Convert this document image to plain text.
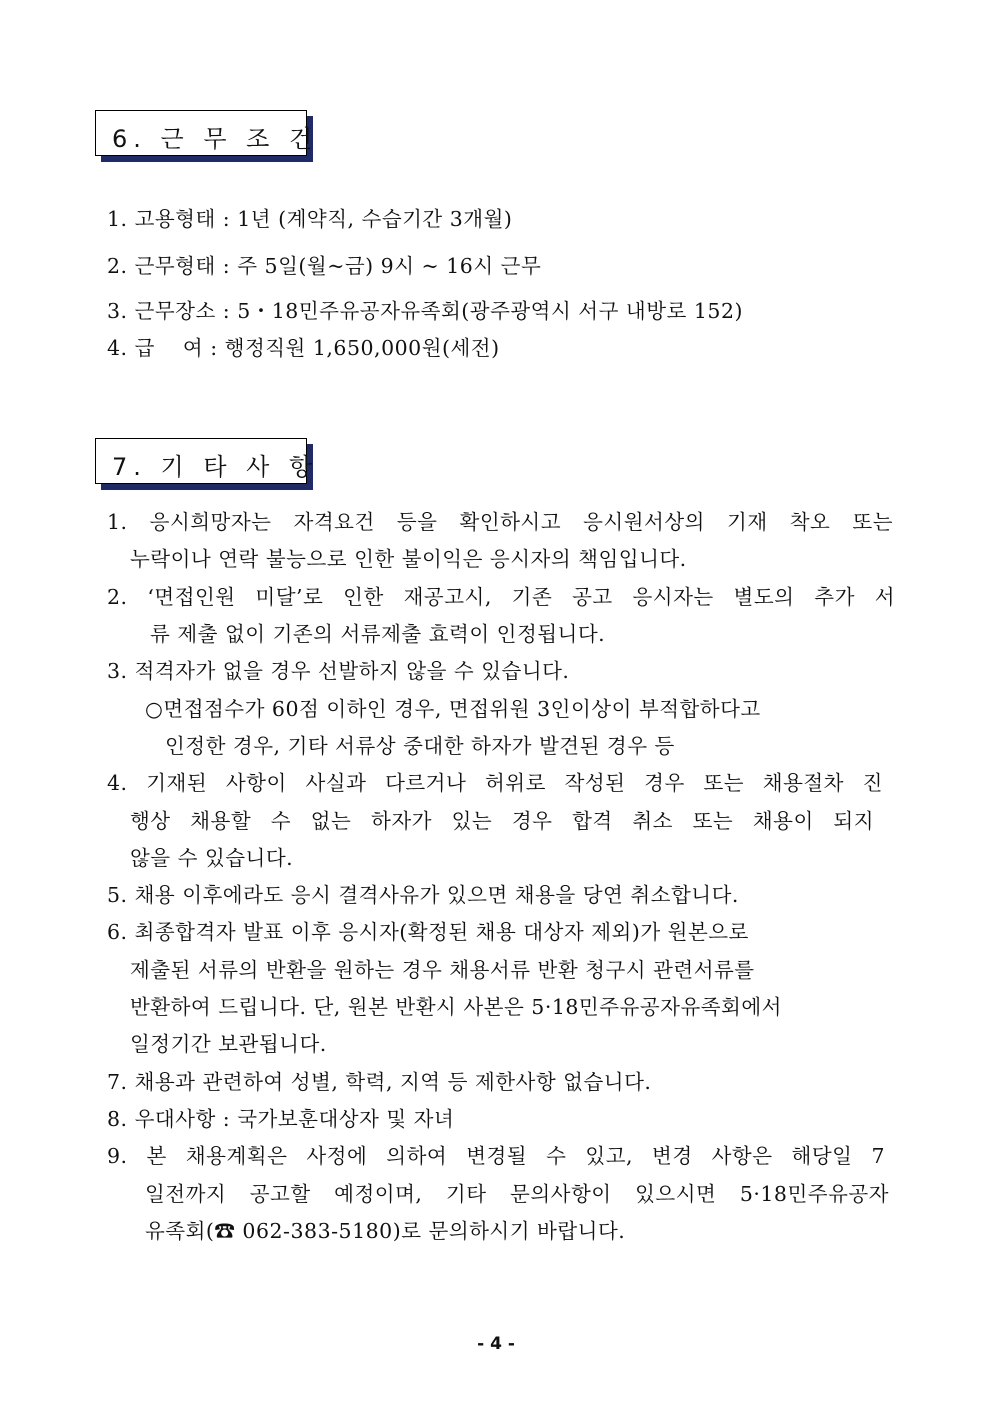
6. 근 무 조 건
1. 고용형태 : 1년 (계약직, 수습기간 3개월)
2. 근무형태 : 주 5일(월~금) 9시 ~ 16시 근무
3. 근무장소 : 5・18민주유공자유족회(광주광역시 서구 내방로 152)
4. 급 　여 : 행정직원 1,650,000원(세전)
7. 기 타 사 항
1. 응시희망자는 자격요건 등을 확인하시고 응시원서상의 기재 착오 또는
누락이나 연락 불능으로 인한 불이익은 응시자의 책임입니다.
2. ‘면접인원 미달’로 인한 재공고시, 기존 공고 응시자는 별도의 추가 서
류 제출 없이 기존의 서류제출 효력이 인정됩니다.
3. 적격자가 없을 경우 선발하지 않을 수 있습니다.
○면접점수가 60점 이하인 경우, 면접위원 3인이상이 부적합하다고
인정한 경우, 기타 서류상 중대한 하자가 발견된 경우 등
4. 기재된 사항이 사실과 다르거나 허위로 작성된 경우 또는 채용절차 진
행상 채용할 수 없는 하자가 있는 경우 합격 취소 또는 채용이 되지
않을 수 있습니다.
5. 채용 이후에라도 응시 결격사유가 있으면 채용을 당연 취소합니다.
6. 최종합격자 발표 이후 응시자(확정된 채용 대상자 제외)가 원본으로
제출된 서류의 반환을 원하는 경우 채용서류 반환 청구시 관련서류를
반환하여 드립니다. 단, 원본 반환시 사본은 5·18민주유공자유족회에서
일정기간 보관됩니다.
7. 채용과 관련하여 성별, 학력, 지역 등 제한사항 없습니다.
8. 우대사항 : 국가보훈대상자 및 자녀
9. 본 채용계획은 사정에 의하여 변경될 수 있고, 변경 사항은 해당일 7
일전까지 공고할 예정이며, 기타 문의사항이 있으시면 5·18민주유공자
유족회(☎ 062-383-5180)로 문의하시기 바랍니다.
- 4 -
